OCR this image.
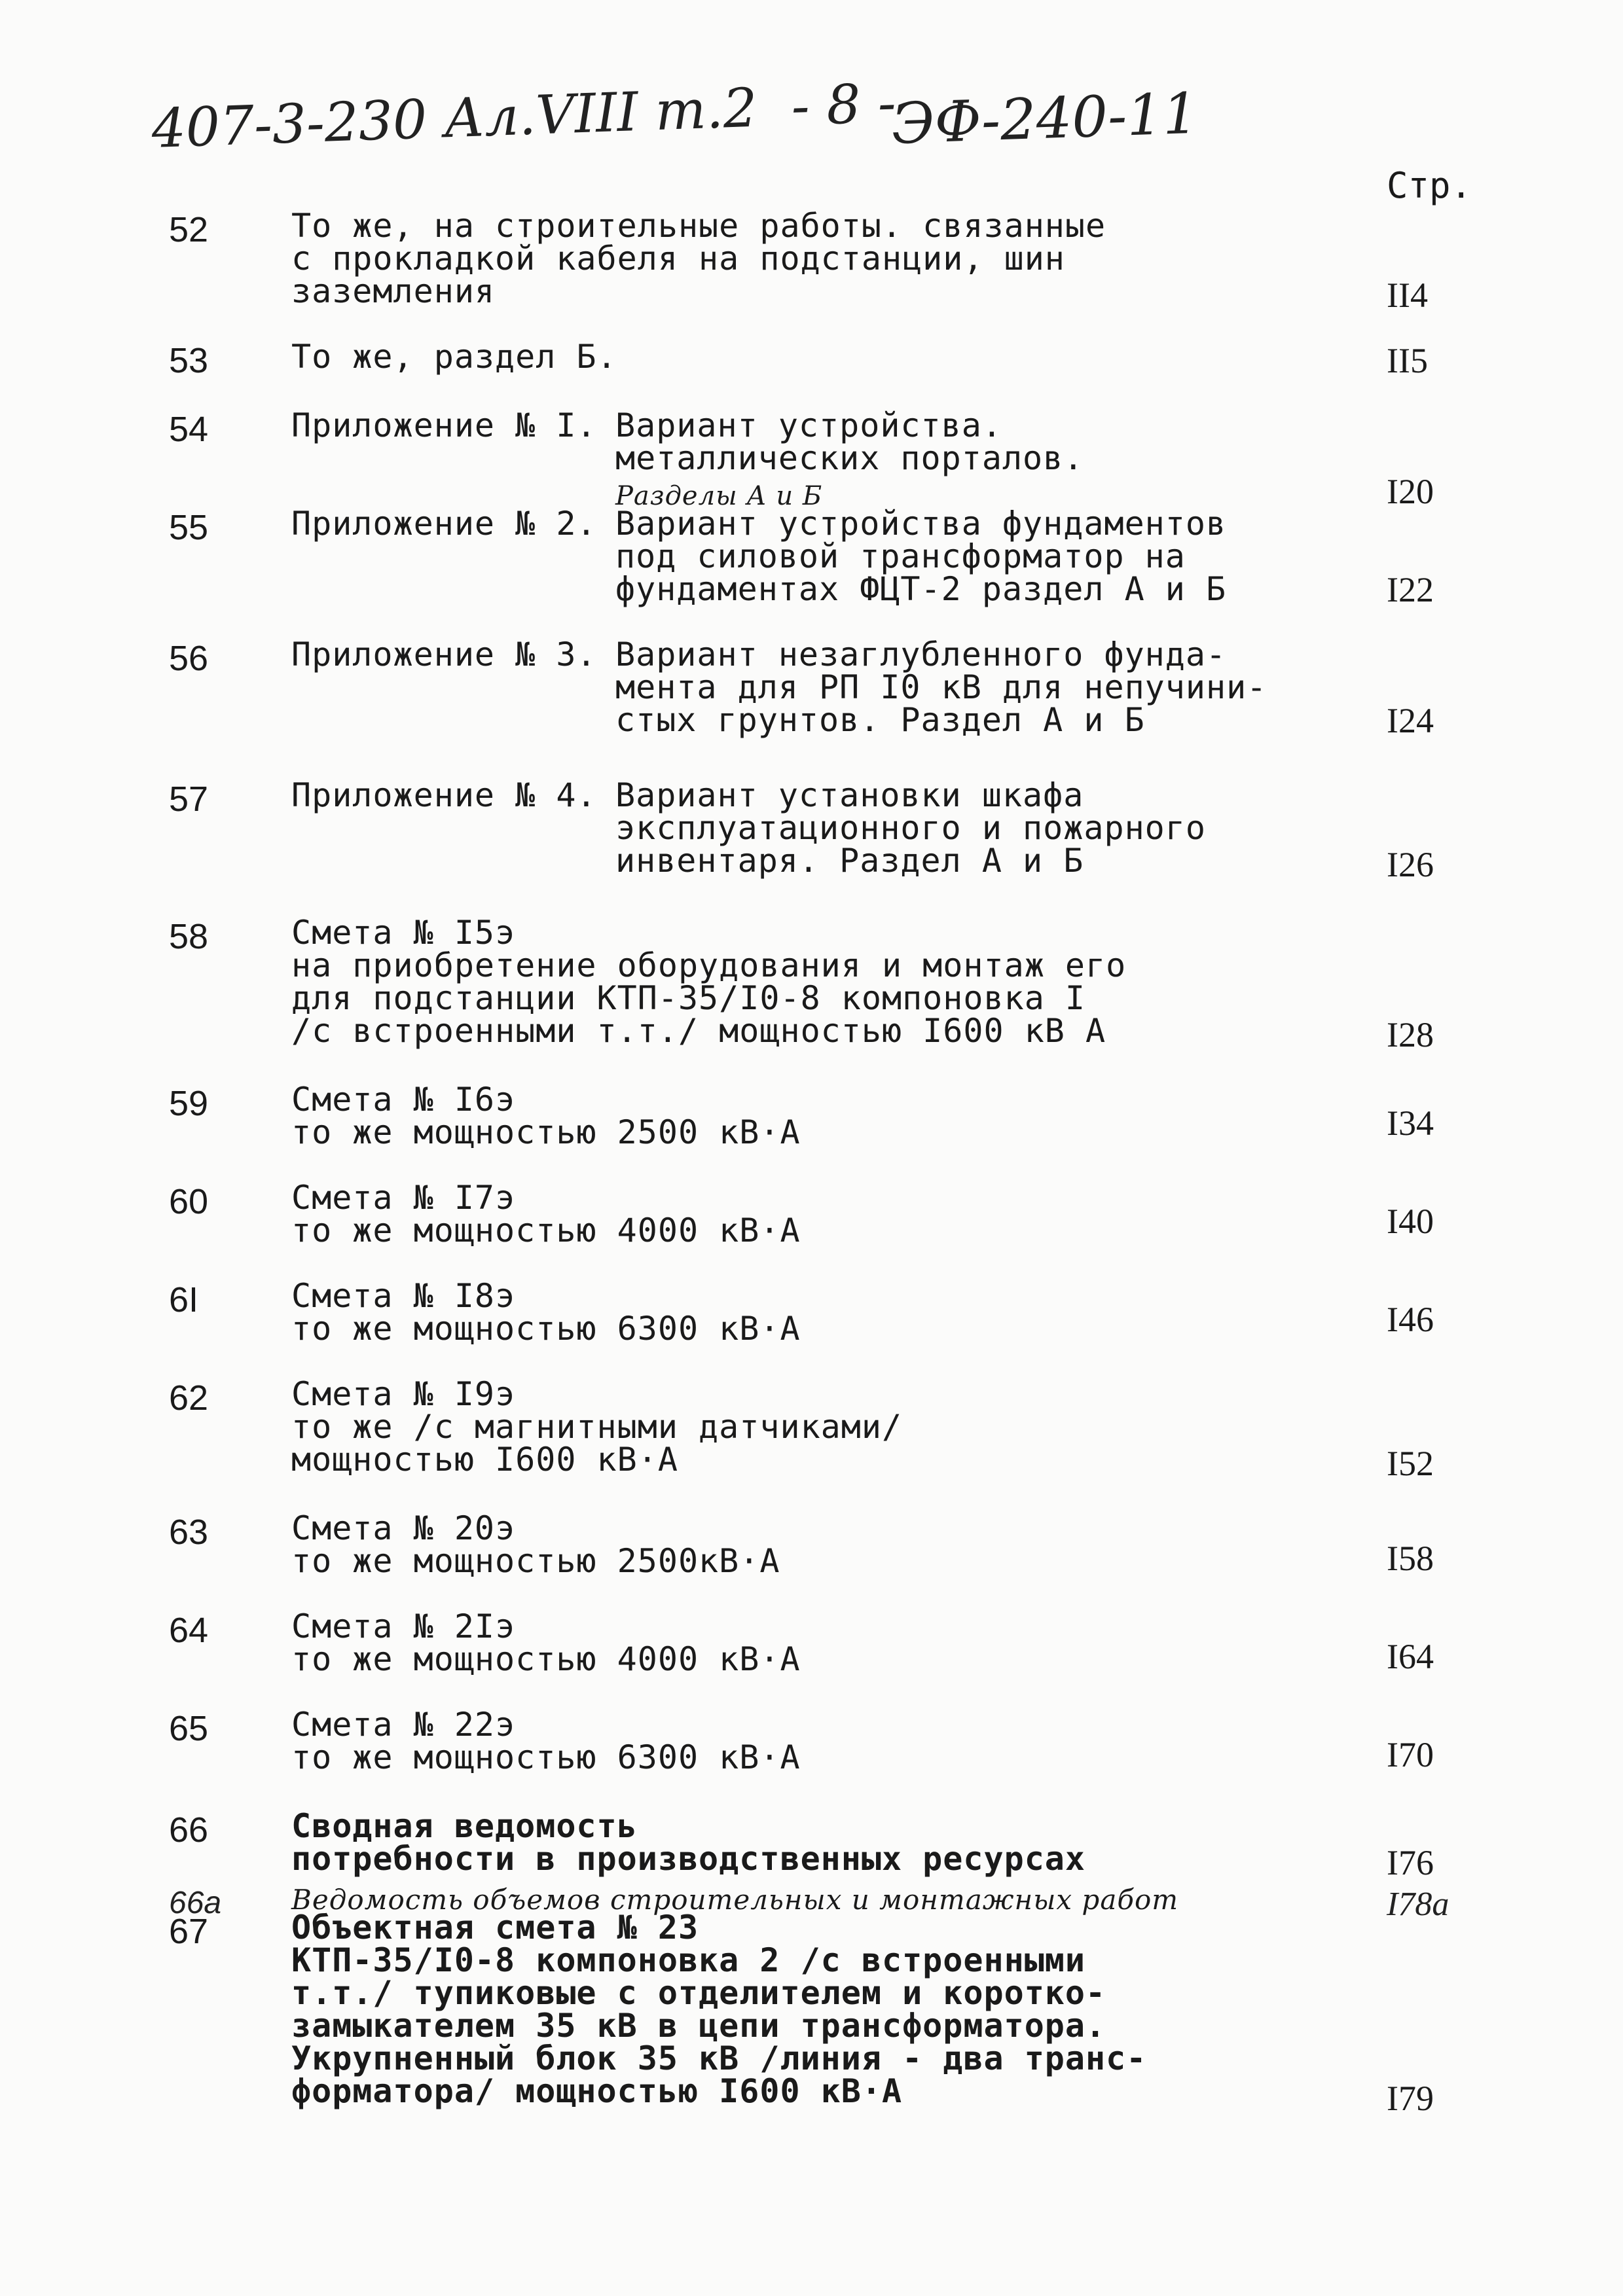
407-3-230 Ал.VIII т.2 - 8 -
ЭФ-240-11
Стр.
52	То же, на строительные работы. связанные
с прокладкой кабеля на подстанции, шин
заземления	II4
53	То же, раздел Б.	II5
54	Приложение № I. Вариант устройства.
металлических порталов.
Разделы А и Б	I20
55	Приложение № 2. Вариант устройства фундаментов
под силовой трансформатор на
фундаментах ФЦТ-2 раздел А и Б	I22
56	Приложение № 3. Вариант незаглубленного фунда-
мента для РП I0 кВ для непучини-
стых грунтов. Раздел А и Б	I24
57	Приложение № 4. Вариант установки шкафа
эксплуатационного и пожарного
инвентаря. Раздел А и Б	I26
58	Смета № I5э
на приобретение оборудования и монтаж его
для подстанции КТП-35/I0-8 компоновка I
/с встроенными т.т./ мощностью I600 кВ А	I28
59	Смета № I6э
то же мощностью 2500 кВ·А	I34
60	Смета № I7э
то же мощностью 4000 кВ·А	I40
6I	Смета № I8э
то же мощностью 6300 кВ·А	I46
62	Смета № I9э
то же /с магнитными датчиками/
мощностью I600 кВ·А	I52
63	Смета № 20э
то же мощностью 2500кВ·А	I58
64	Смета № 2Iэ
то же мощностью 4000 кВ·А	I64
65	Смета № 22э
то же мощностью 6300 кВ·А	I70
66	Сводная ведомость
потребности в производственных ресурсах	I76
66а	Ведомость объемов строительных и монтажных работ	I78а
67	Объектная смета № 23
КТП-35/I0-8 компоновка 2 /с встроенными
т.т./ тупиковые с отделителем и коротко-
замыкателем 35 кВ в цепи трансформатора.
Укрупненный блок 35 кВ /линия - два транс-
форматора/ мощностью I600 кВ·А	I79
